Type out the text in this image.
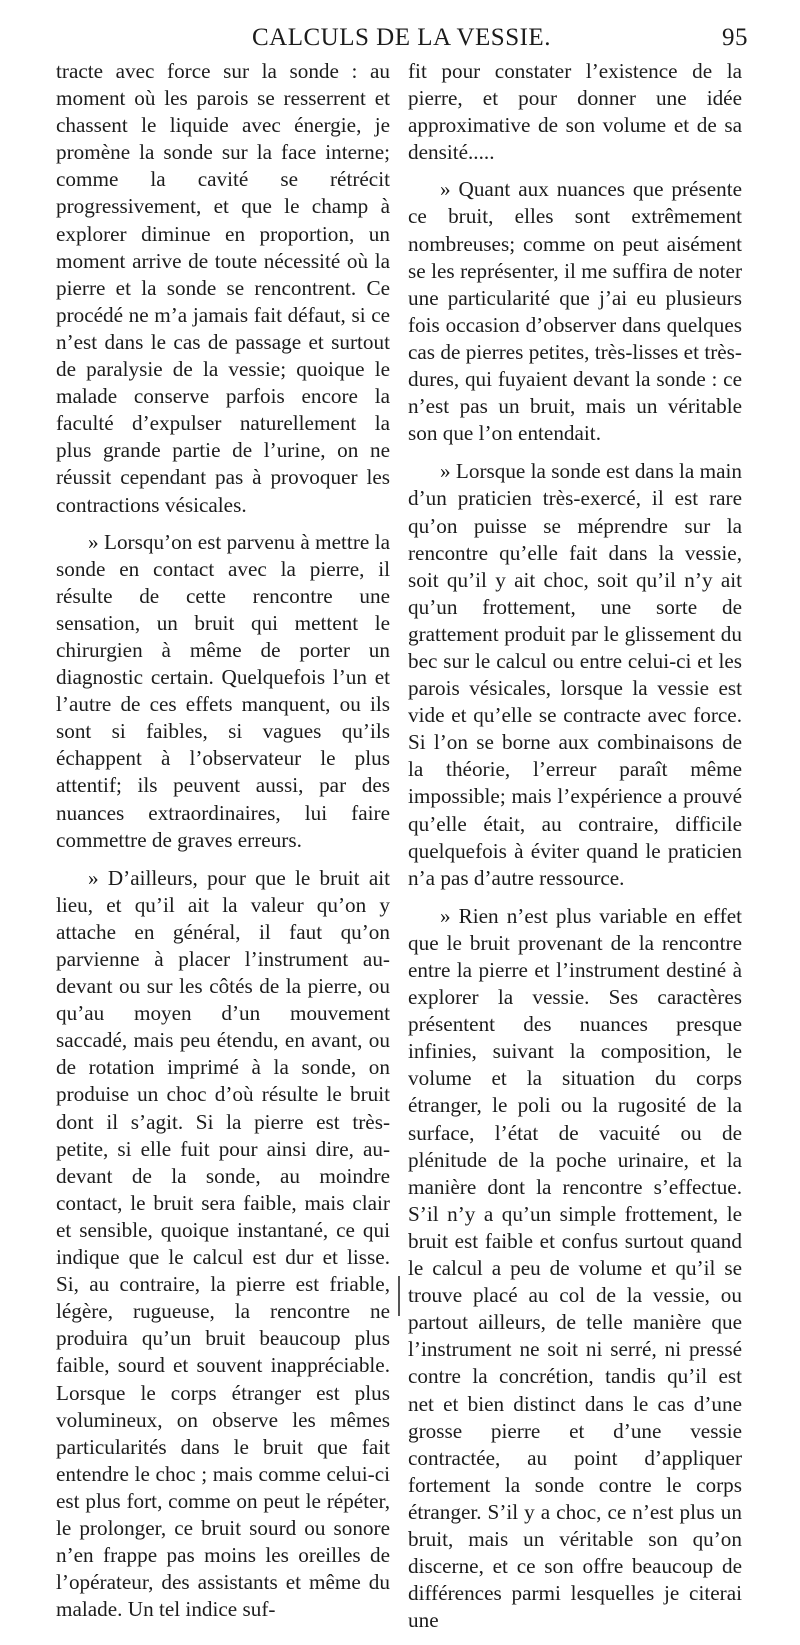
CALCULS DE LA VESSIE.	95

tracte avec force sur la sonde : au moment où les parois se resserrent et chassent le liquide avec énergie, je promène la sonde sur la face interne; comme la cavité se rétrécit progressivement, et que le champ à explorer diminue en proportion, un moment arrive de toute nécessité où la pierre et la sonde se rencontrent. Ce procédé ne m’a jamais fait défaut, si ce n’est dans le cas de passage et surtout de paralysie de la vessie; quoique le malade conserve parfois encore la faculté d’expulser naturellement la plus grande partie de l’urine, on ne réussit cependant pas à provoquer les contractions vésicales.

» Lorsqu’on est parvenu à mettre la sonde en contact avec la pierre, il résulte de cette rencontre une sensation, un bruit qui mettent le chirurgien à même de porter un diagnostic certain. Quelquefois l’un et l’autre de ces effets manquent, ou ils sont si faibles, si vagues qu’ils échappent à l’observateur le plus attentif; ils peuvent aussi, par des nuances extraordinaires, lui faire commettre de graves erreurs.

» D’ailleurs, pour que le bruit ait lieu, et qu’il ait la valeur qu’on y attache en général, il faut qu’on parvienne à placer l’instrument au-devant ou sur les côtés de la pierre, ou qu’au moyen d’un mouvement saccadé, mais peu étendu, en avant, ou de rotation imprimé à la sonde, on produise un choc d’où résulte le bruit dont il s’agit. Si la pierre est très-petite, si elle fuit pour ainsi dire, au-devant de la sonde, au moindre contact, le bruit sera faible, mais clair et sensible, quoique instantané, ce qui indique que le calcul est dur et lisse. Si, au contraire, la pierre est friable, légère, rugueuse, la rencontre ne produira qu’un bruit beaucoup plus faible, sourd et souvent inappréciable. Lorsque le corps étranger est plus volumineux, on observe les mêmes particularités dans le bruit que fait entendre le choc ; mais comme celui-ci est plus fort, comme on peut le répéter, le prolonger, ce bruit sourd ou sonore n’en frappe pas moins les oreilles de l’opérateur, des assistants et même du malade. Un tel indice suf-

fit pour constater l’existence de la pierre, et pour donner une idée approximative de son volume et de sa densité.....

» Quant aux nuances que présente ce bruit, elles sont extrêmement nombreuses; comme on peut aisément se les représenter, il me suffira de noter une particularité que j’ai eu plusieurs fois occasion d’observer dans quelques cas de pierres petites, très-lisses et très-dures, qui fuyaient devant la sonde : ce n’est pas un bruit, mais un véritable son que l’on entendait.

» Lorsque la sonde est dans la main d’un praticien très-exercé, il est rare qu’on puisse se méprendre sur la rencontre qu’elle fait dans la vessie, soit qu’il y ait choc, soit qu’il n’y ait qu’un frottement, une sorte de grattement produit par le glissement du bec sur le calcul ou entre celui-ci et les parois vésicales, lorsque la vessie est vide et qu’elle se contracte avec force. Si l’on se borne aux combinaisons de la théorie, l’erreur paraît même impossible; mais l’expérience a prouvé qu’elle était, au contraire, difficile quelquefois à éviter quand le praticien n’a pas d’autre ressource.

» Rien n’est plus variable en effet que le bruit provenant de la rencontre entre la pierre et l’instrument destiné à explorer la vessie. Ses caractères présentent des nuances presque infinies, suivant la composition, le volume et la situation du corps étranger, le poli ou la rugosité de la surface, l’état de vacuité ou de plénitude de la poche urinaire, et la manière dont la rencontre s’effectue. S’il n’y a qu’un simple frottement, le bruit est faible et confus surtout quand le calcul a peu de volume et qu’il se trouve placé au col de la vessie, ou partout ailleurs, de telle manière que l’instrument ne soit ni serré, ni pressé contre la concrétion, tandis qu’il est net et bien distinct dans le cas d’une grosse pierre et d’une vessie contractée, au point d’appliquer fortement la sonde contre le corps étranger. S’il y a choc, ce n’est plus un bruit, mais un véritable son qu’on discerne, et ce son offre beaucoup de différences parmi lesquelles je citerai une
